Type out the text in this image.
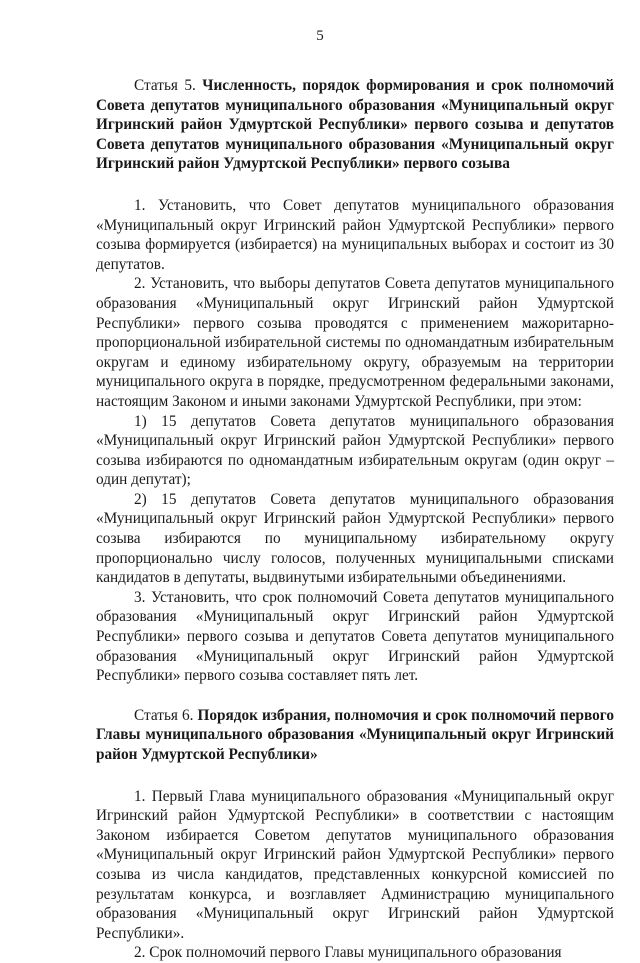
5

Статья 5. Численность, порядок формирования и срок полномочий Совета депутатов муниципального образования «Муниципальный округ Игринский район Удмуртской Республики» первого созыва и депутатов Совета депутатов муниципального образования «Муниципальный округ Игринский район Удмуртской Республики» первого созыва

1. Установить, что Совет депутатов муниципального образования «Муниципальный округ Игринский район Удмуртской Республики» первого созыва формируется (избирается) на муниципальных выборах и состоит из 30 депутатов.

2. Установить, что выборы депутатов Совета депутатов муниципального образования «Муниципальный округ Игринский район Удмуртской Республики» первого созыва проводятся с применением мажоритарно-пропорциональной избирательной системы по одномандатным избирательным округам и единому избирательному округу, образуемым на территории муниципального округа в порядке, предусмотренном федеральными законами, настоящим Законом и иными законами Удмуртской Республики, при этом:

1) 15 депутатов Совета депутатов муниципального образования «Муниципальный округ Игринский район Удмуртской Республики» первого созыва избираются по одномандатным избирательным округам (один округ – один депутат);

2) 15 депутатов Совета депутатов муниципального образования «Муниципальный округ Игринский район Удмуртской Республики» первого созыва избираются по муниципальному избирательному округу пропорционально числу голосов, полученных муниципальными списками кандидатов в депутаты, выдвинутыми избирательными объединениями.

3. Установить, что срок полномочий Совета депутатов муниципального образования «Муниципальный округ Игринский район Удмуртской Республики» первого созыва и депутатов Совета депутатов муниципального образования «Муниципальный округ Игринский район Удмуртской Республики» первого созыва составляет пять лет.

Статья 6. Порядок избрания, полномочия и срок полномочий первого Главы муниципального образования «Муниципальный округ Игринский район Удмуртской Республики»

1. Первый Глава муниципального образования «Муниципальный округ Игринский район Удмуртской Республики» в соответствии с настоящим Законом избирается Советом депутатов муниципального образования «Муниципальный округ Игринский район Удмуртской Республики» первого созыва из числа кандидатов, представленных конкурсной комиссией по результатам конкурса, и возглавляет Администрацию муниципального образования «Муниципальный округ Игринский район Удмуртской Республики».

2. Срок полномочий первого Главы муниципального образования
